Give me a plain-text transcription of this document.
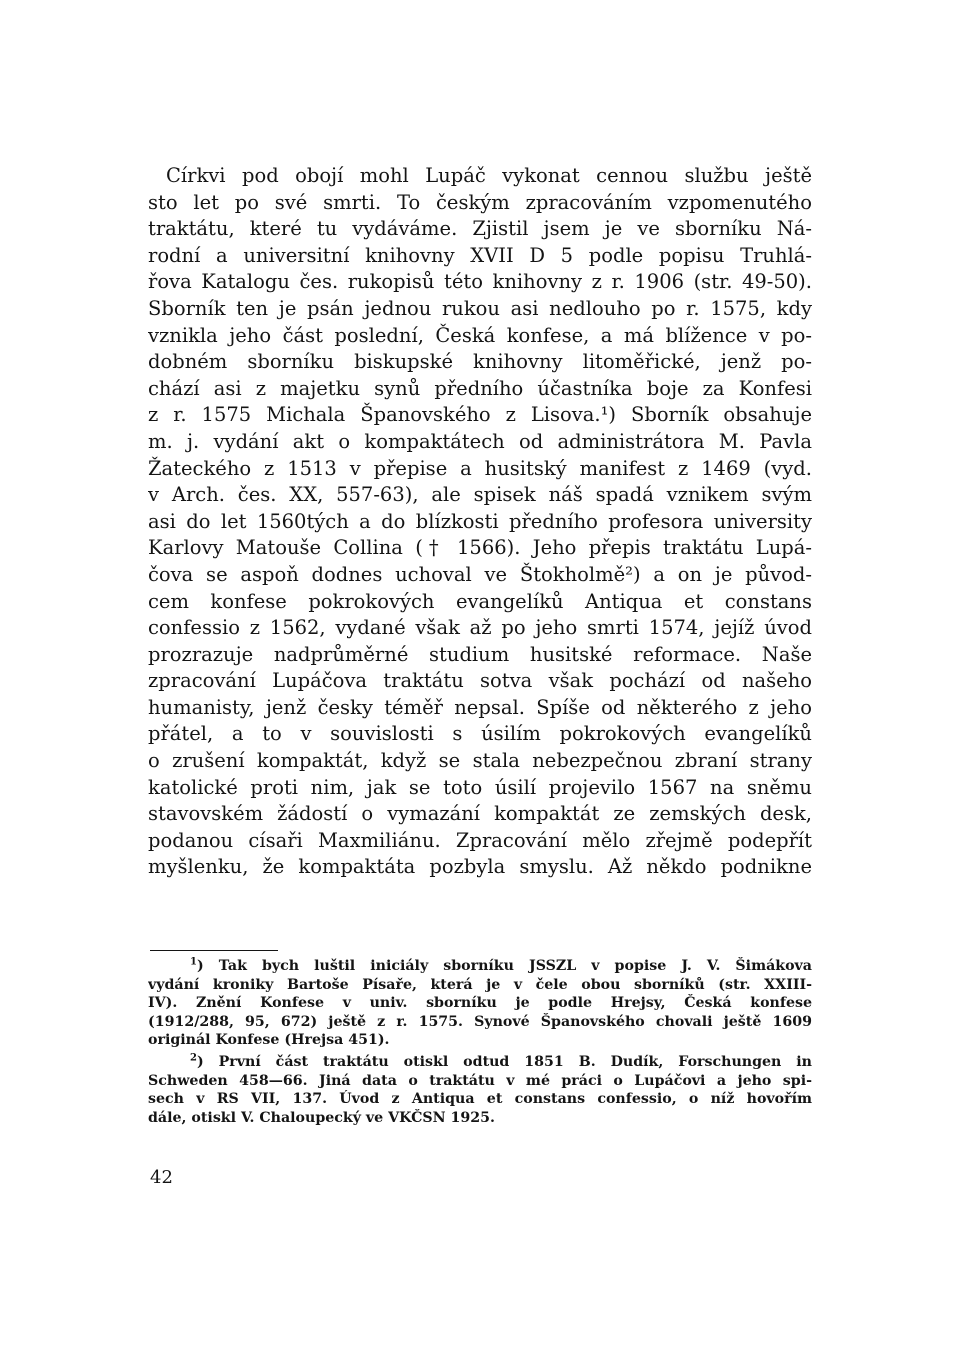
Církvi pod obojí mohl Lupáč vykonat cennou službu ještě
sto let po své smrti. To českým zpracováním vzpomenutého
traktátu, které tu vydáváme. Zjistil jsem je ve sborníku Ná-
rodní a universitní knihovny XVII D 5 podle popisu Truhlá-
řova Katalogu čes. rukopisů této knihovny z r. 1906 (str. 49-50).
Sborník ten je psán jednou rukou asi nedlouho po r. 1575, kdy
vznikla jeho část poslední, Česká konfese, a má blížence v po-
dobném sborníku biskupské knihovny litoměřické, jenž po-
chází asi z majetku synů předního účastníka boje za Konfesi
z r. 1575 Michala Španovského z Lisova.¹) Sborník obsahuje
m. j. vydání akt o kompaktátech od administrátora M. Pavla
Žateckého z 1513 v přepise a husitský manifest z 1469 (vyd.
v Arch. čes. XX, 557-63), ale spisek náš spadá vznikem svým
asi do let 1560tých a do blízkosti předního profesora university
Karlovy Matouše Collina († 1566). Jeho přepis traktátu Lupá-
čova se aspoň dodnes uchoval ve Štokholmě²) a on je původ-
cem konfese pokrokových evangelíků Antiqua et constans
confessio z 1562, vydané však až po jeho smrti 1574, jejíž úvod
prozrazuje nadprůměrné studium husitské reformace. Naše
zpracování Lupáčova traktátu sotva však pochází od našeho
humanisty, jenž česky téměř nepsal. Spíše od některého z jeho
přátel, a to v souvislosti s úsilím pokrokových evangelíků
o zrušení kompaktát, když se stala nebezpečnou zbraní strany
katolické proti nim, jak se toto úsilí projevilo 1567 na sněmu
stavovském žádostí o vymazání kompaktát ze zemských desk,
podanou císaři Maxmiliánu. Zpracování mělo zřejmě podepřít
myšlenku, že kompaktáta pozbyla smyslu. Až někdo podnikne
$^1$) Tak bych luštil iniciály sborníku JSSZL v popise J. V. Šimákova
vydání kroniky Bartoše Písaře, která je v čele obou sborníků (str. XXIII-
IV). Znění Konfese v univ. sborníku je podle Hrejsy, Česká konfese
(1912/288, 95, 672) ještě z r. 1575. Synové Španovského chovali ještě 1609
originál Konfese (Hrejsa 451).
$^2$) První část traktátu otiskl odtud 1851 B. Dudík, Forschungen in
Schweden 458—66. Jiná data o traktátu v mé práci o Lupáčovi a jeho spi-
sech v RS VII, 137. Úvod z Antiqua et constans confessio, o níž hovořím
dále, otiskl V. Chaloupecký ve VKČSN 1925.
42
